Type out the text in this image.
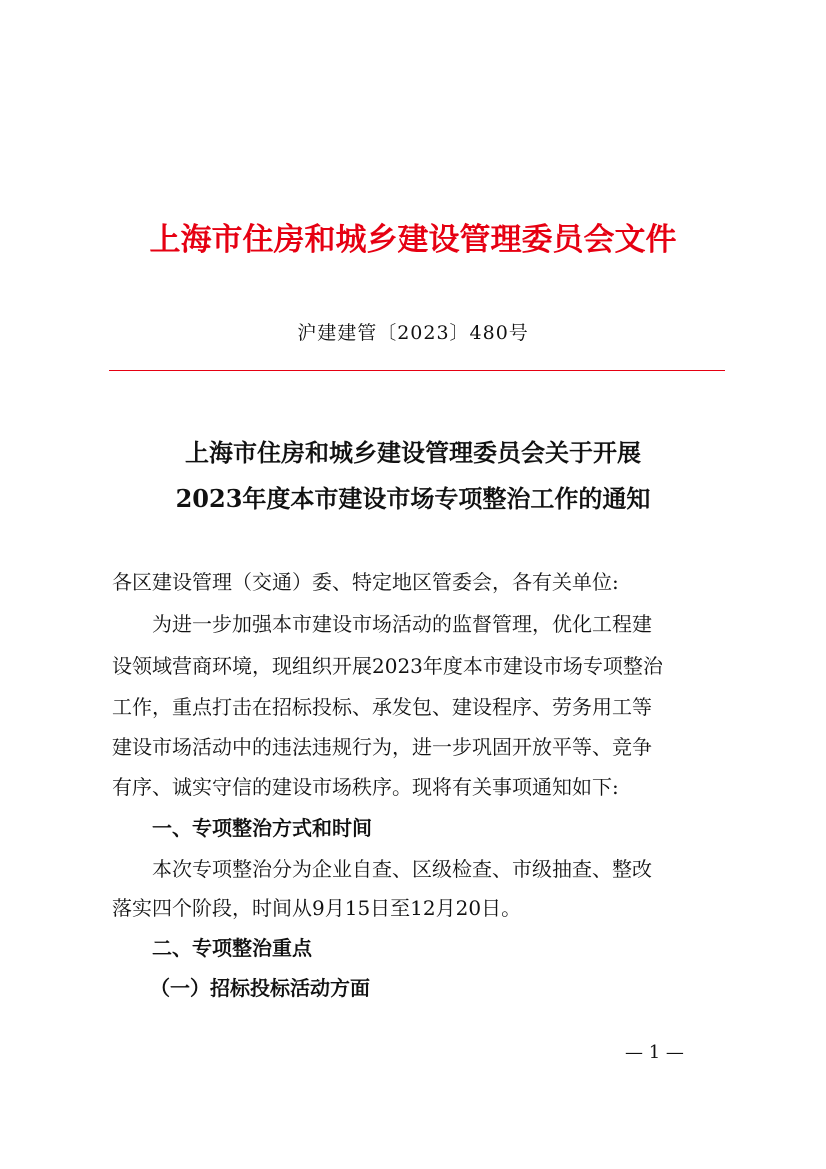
上海市住房和城乡建设管理委员会文件
沪建建管〔2023〕480号
上海市住房和城乡建设管理委员会关于开展
2023年度本市建设市场专项整治工作的通知
各区建设管理（交通）委、特定地区管委会，各有关单位:
为进一步加强本市建设市场活动的监督管理，优化工程建
设领域营商环境，现组织开展2023年度本市建设市场专项整治
工作，重点打击在招标投标、承发包、建设程序、劳务用工等
建设市场活动中的违法违规行为，进一步巩固开放平等、竞争
有序、诚实守信的建设市场秩序。现将有关事项通知如下:
一、专项整治方式和时间
本次专项整治分为企业自查、区级检查、市级抽查、整改
落实四个阶段，时间从9月15日至12月20日。
二、专项整治重点
（一）招标投标活动方面
— 1 —
